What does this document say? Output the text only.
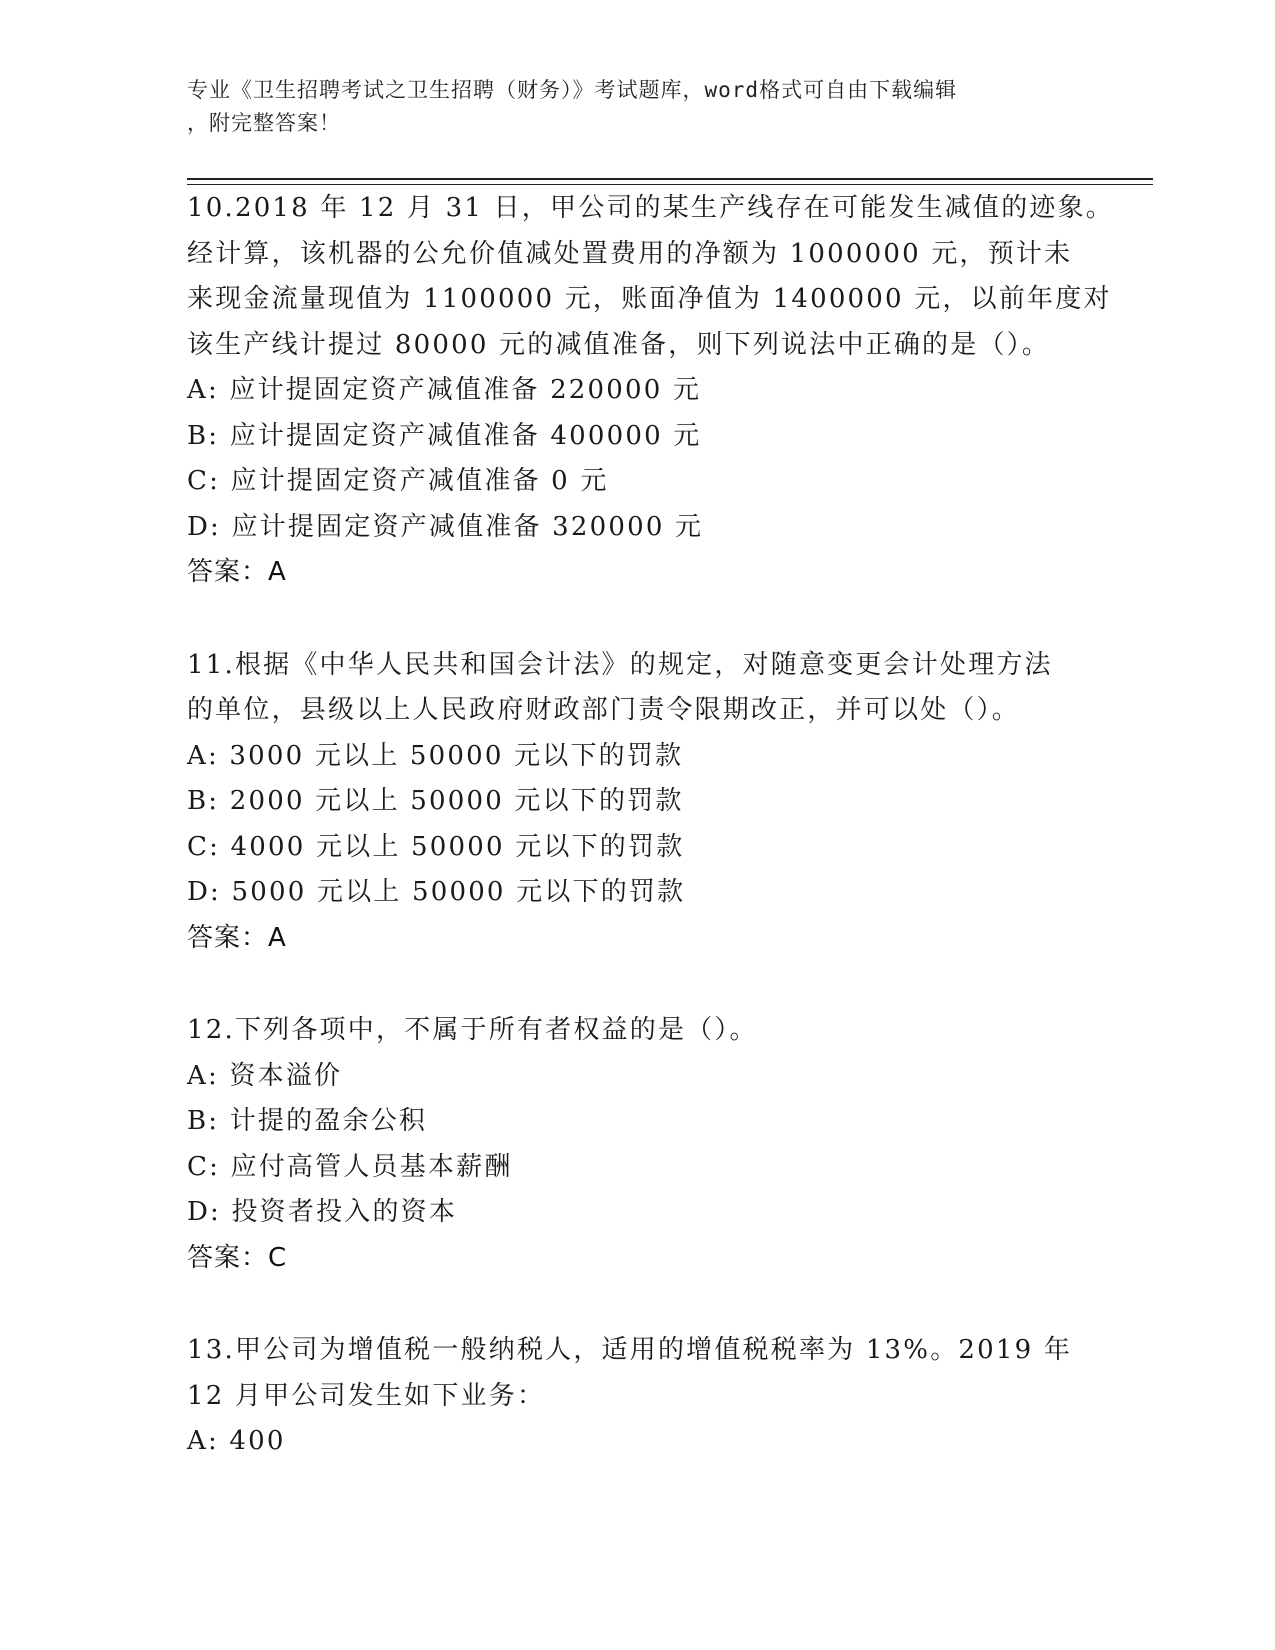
专业《卫生招聘考试之卫生招聘（财务）》考试题库，word格式可自由下载编辑
，附完整答案！
10.2018 年 12 月 31 日，甲公司的某生产线存在可能发生减值的迹象。
经计算，该机器的公允价值减处置费用的净额为 1000000 元，预计未
来现金流量现值为 1100000 元，账面净值为 1400000 元，以前年度对
该生产线计提过 80000 元的减值准备，则下列说法中正确的是（）。
A: 应计提固定资产减值准备 220000 元
B: 应计提固定资产减值准备 400000 元
C: 应计提固定资产减值准备 0 元
D: 应计提固定资产减值准备 320000 元
答案：A
11.根据《中华人民共和国会计法》的规定，对随意变更会计处理方法
的单位，县级以上人民政府财政部门责令限期改正，并可以处（）。
A: 3000 元以上 50000 元以下的罚款
B: 2000 元以上 50000 元以下的罚款
C: 4000 元以上 50000 元以下的罚款
D: 5000 元以上 50000 元以下的罚款
答案：A
12.下列各项中，不属于所有者权益的是（）。
A: 资本溢价
B: 计提的盈余公积
C: 应付高管人员基本薪酬
D: 投资者投入的资本
答案：C
13.甲公司为增值税一般纳税人，适用的增值税税率为 13%。2019 年
12 月甲公司发生如下业务：
A: 400
